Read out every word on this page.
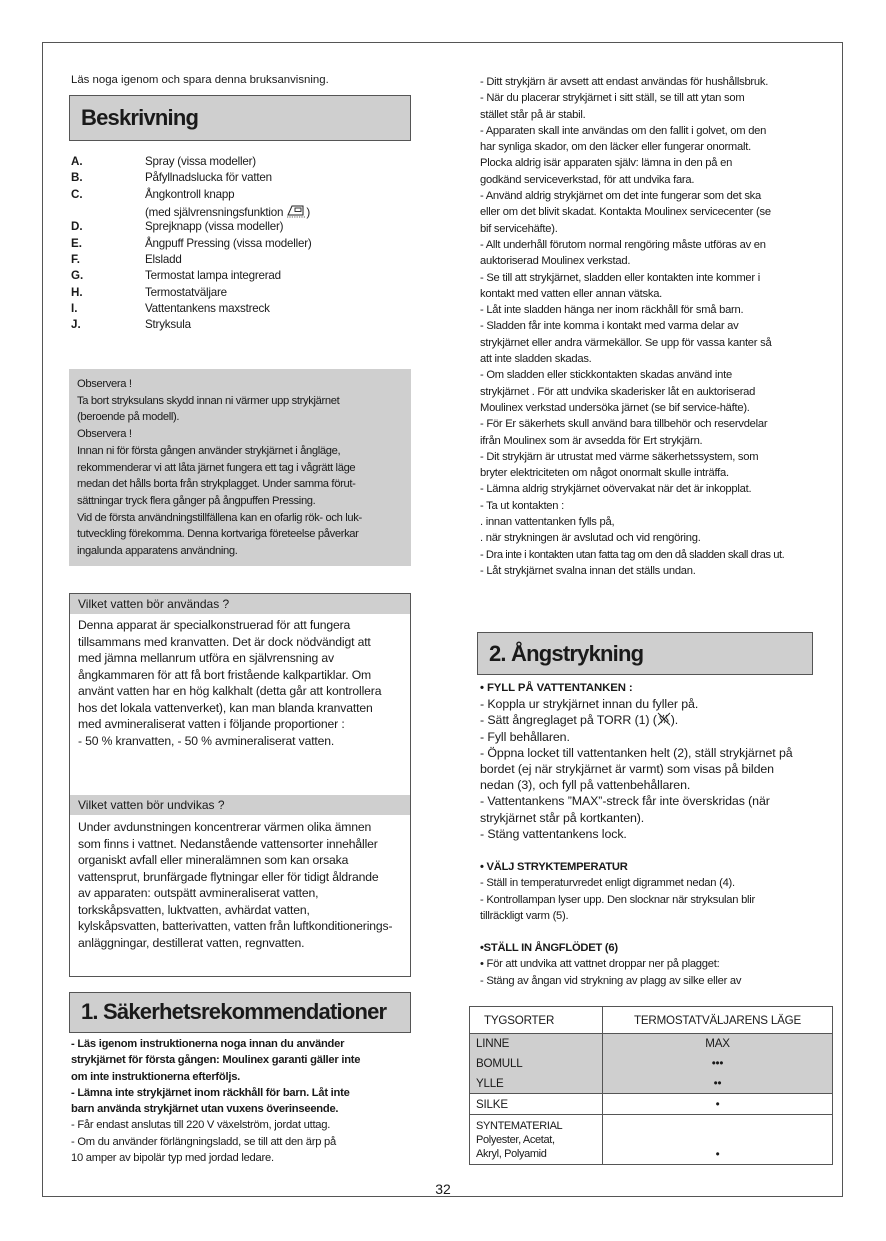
Läs noga igenom och spara denna bruksanvisning.
Beskrivning
A.	Spray (vissa modeller)
B.	Påfyllnadslucka för vatten
C.	Ångkontroll knapp
(med självrensningsfunktion )
D.	Sprejknapp (vissa modeller)
E.	Ångpuff Pressing (vissa modeller)
F.	Elsladd
G.	Termostat lampa integrerad
H.	Termostatväljare
I.	Vattentankens maxstreck
J.	Stryksula
Observera !
Ta bort stryksulans skydd innan ni värmer upp strykjärnet
(beroende på modell).
Observera !
Innan ni för första gången använder strykjärnet i ångläge,
rekommenderar vi att låta järnet fungera ett tag i vågrätt läge
medan det hålls borta från strykplagget. Under samma förut-
sättningar tryck flera gånger på ångpuffen Pressing.
Vid de första användningstillfällena kan en ofarlig rök- och luk-
tutveckling förekomma. Denna kortvariga företeelse påverkar
ingalunda apparatens användning.
Vilket vatten bör användas ?
Denna apparat är specialkonstruerad för att fungera
tillsammans med kranvatten. Det är dock nödvändigt att
med jämna mellanrum utföra en självrensning av
ångkammaren för att få bort fristående kalkpartiklar. Om
använt vatten har en hög kalkhalt (detta går att kontrollera
hos det lokala vattenverket), kan man blanda kranvatten
med avmineraliserat vatten i följande proportioner :
- 50 % kranvatten, - 50 % avmineraliserat vatten.
Vilket vatten bör undvikas ?
Under avdunstningen koncentrerar värmen olika ämnen
som finns i vattnet. Nedanstående vattensorter innehåller
organiskt avfall eller mineralämnen som kan orsaka
vattensprut, brunfärgade flytningar eller för tidigt åldrande
av apparaten: outspätt avmineraliserat vatten,
torkskåpsvatten, luktvatten, avhärdat vatten,
kylskåpsvatten, batterivatten, vatten från luftkonditionerings-
anläggningar, destillerat vatten, regnvatten.
1. Säkerhetsrekommendationer
- Läs igenom instruktionerna noga innan du använder
strykjärnet för första gången: Moulinex garanti gäller inte
om inte instruktionerna efterföljs.
- Lämna inte strykjärnet inom räckhåll för barn. Låt inte
barn använda strykjärnet utan vuxens överinseende.
- Får endast anslutas till 220 V växelström, jordat uttag.
- Om du använder förlängningsladd, se till att den ärp på
10 amper av bipolär typ med jordad ledare.
- Ditt strykjärn är avsett att endast användas för hushållsbruk.
- När du placerar strykjärnet i sitt ställ, se till att ytan som
stället står på är stabil.
- Apparaten skall inte användas om den fallit i golvet, om den
har synliga skador, om den läcker eller fungerar onormalt.
Plocka aldrig isär apparaten själv: lämna in den på en
godkänd serviceverkstad, för att undvika fara.
- Använd aldrig strykjärnet om det inte fungerar som det ska
eller om det blivit skadat. Kontakta Moulinex servicecenter (se
bif servicehäfte).
- Allt underhåll förutom normal rengöring måste utföras av en
auktoriserad Moulinex verkstad.
- Se till att strykjärnet, sladden eller kontakten inte kommer i
kontakt med vatten eller annan vätska.
- Låt inte sladden hänga ner inom räckhåll för små barn.
- Sladden får inte komma i kontakt med varma delar av
strykjärnet eller andra värmekällor. Se upp för vassa kanter så
att inte sladden skadas.
- Om sladden eller stickkontakten skadas använd inte
strykjärnet . För att undvika skaderisker låt en auktoriserad
Moulinex verkstad undersöka järnet (se bif service-häfte).
- För Er säkerhets skull använd bara tillbehör och reservdelar
ifrån Moulinex som är avsedda för Ert strykjärn.
- Dit strykjärn är utrustat med värme säkerhetssystem, som
bryter elektriciteten om något onormalt skulle inträffa.
- Lämna aldrig strykjärnet oövervakat när det är inkopplat.
- Ta ut kontakten :
. innan vattentanken fylls på,
. när strykningen är avslutad och vid rengöring.
- Dra inte i kontakten utan fatta tag om den då sladden skall dras ut.
- Låt strykjärnet svalna innan det ställs undan.
2. Ångstrykning
• FYLL PÅ VATTENTANKEN :
- Koppla ur strykjärnet innan du fyller på.
- Sätt ångreglaget på TORR (1) ( ).
- Fyll behållaren.
- Öppna locket till vattentanken helt (2), ställ strykjärnet på
bordet (ej när strykjärnet är varmt) som visas på bilden
nedan (3), och fyll på vattenbehållaren.
- Vattentankens ”MAX”-streck får inte överskridas (när
strykjärnet står på kortkanten).
- Stäng vattentankens lock.
• VÄLJ STRYKTEMPERATUR
- Ställ in temperaturvredet enligt digrammet nedan (4).
- Kontrollampan lyser upp. Den slocknar när stryksulan blir
tillräckligt varm (5).
•STÄLL IN ÅNGFLÖDET (6)
• För att undvika att vattnet droppar ner på plagget:
- Stäng av ångan vid strykning av plagg av silke eller av
TYGSORTER	TERMOSTATVÄLJARENS LÄGE
LINNE	MAX
BOMULL	•••
YLLE	••
SILKE	•

SYNTEMATERIAL
Polyester, Acetat,
Akryl, Polyamid	•
32
